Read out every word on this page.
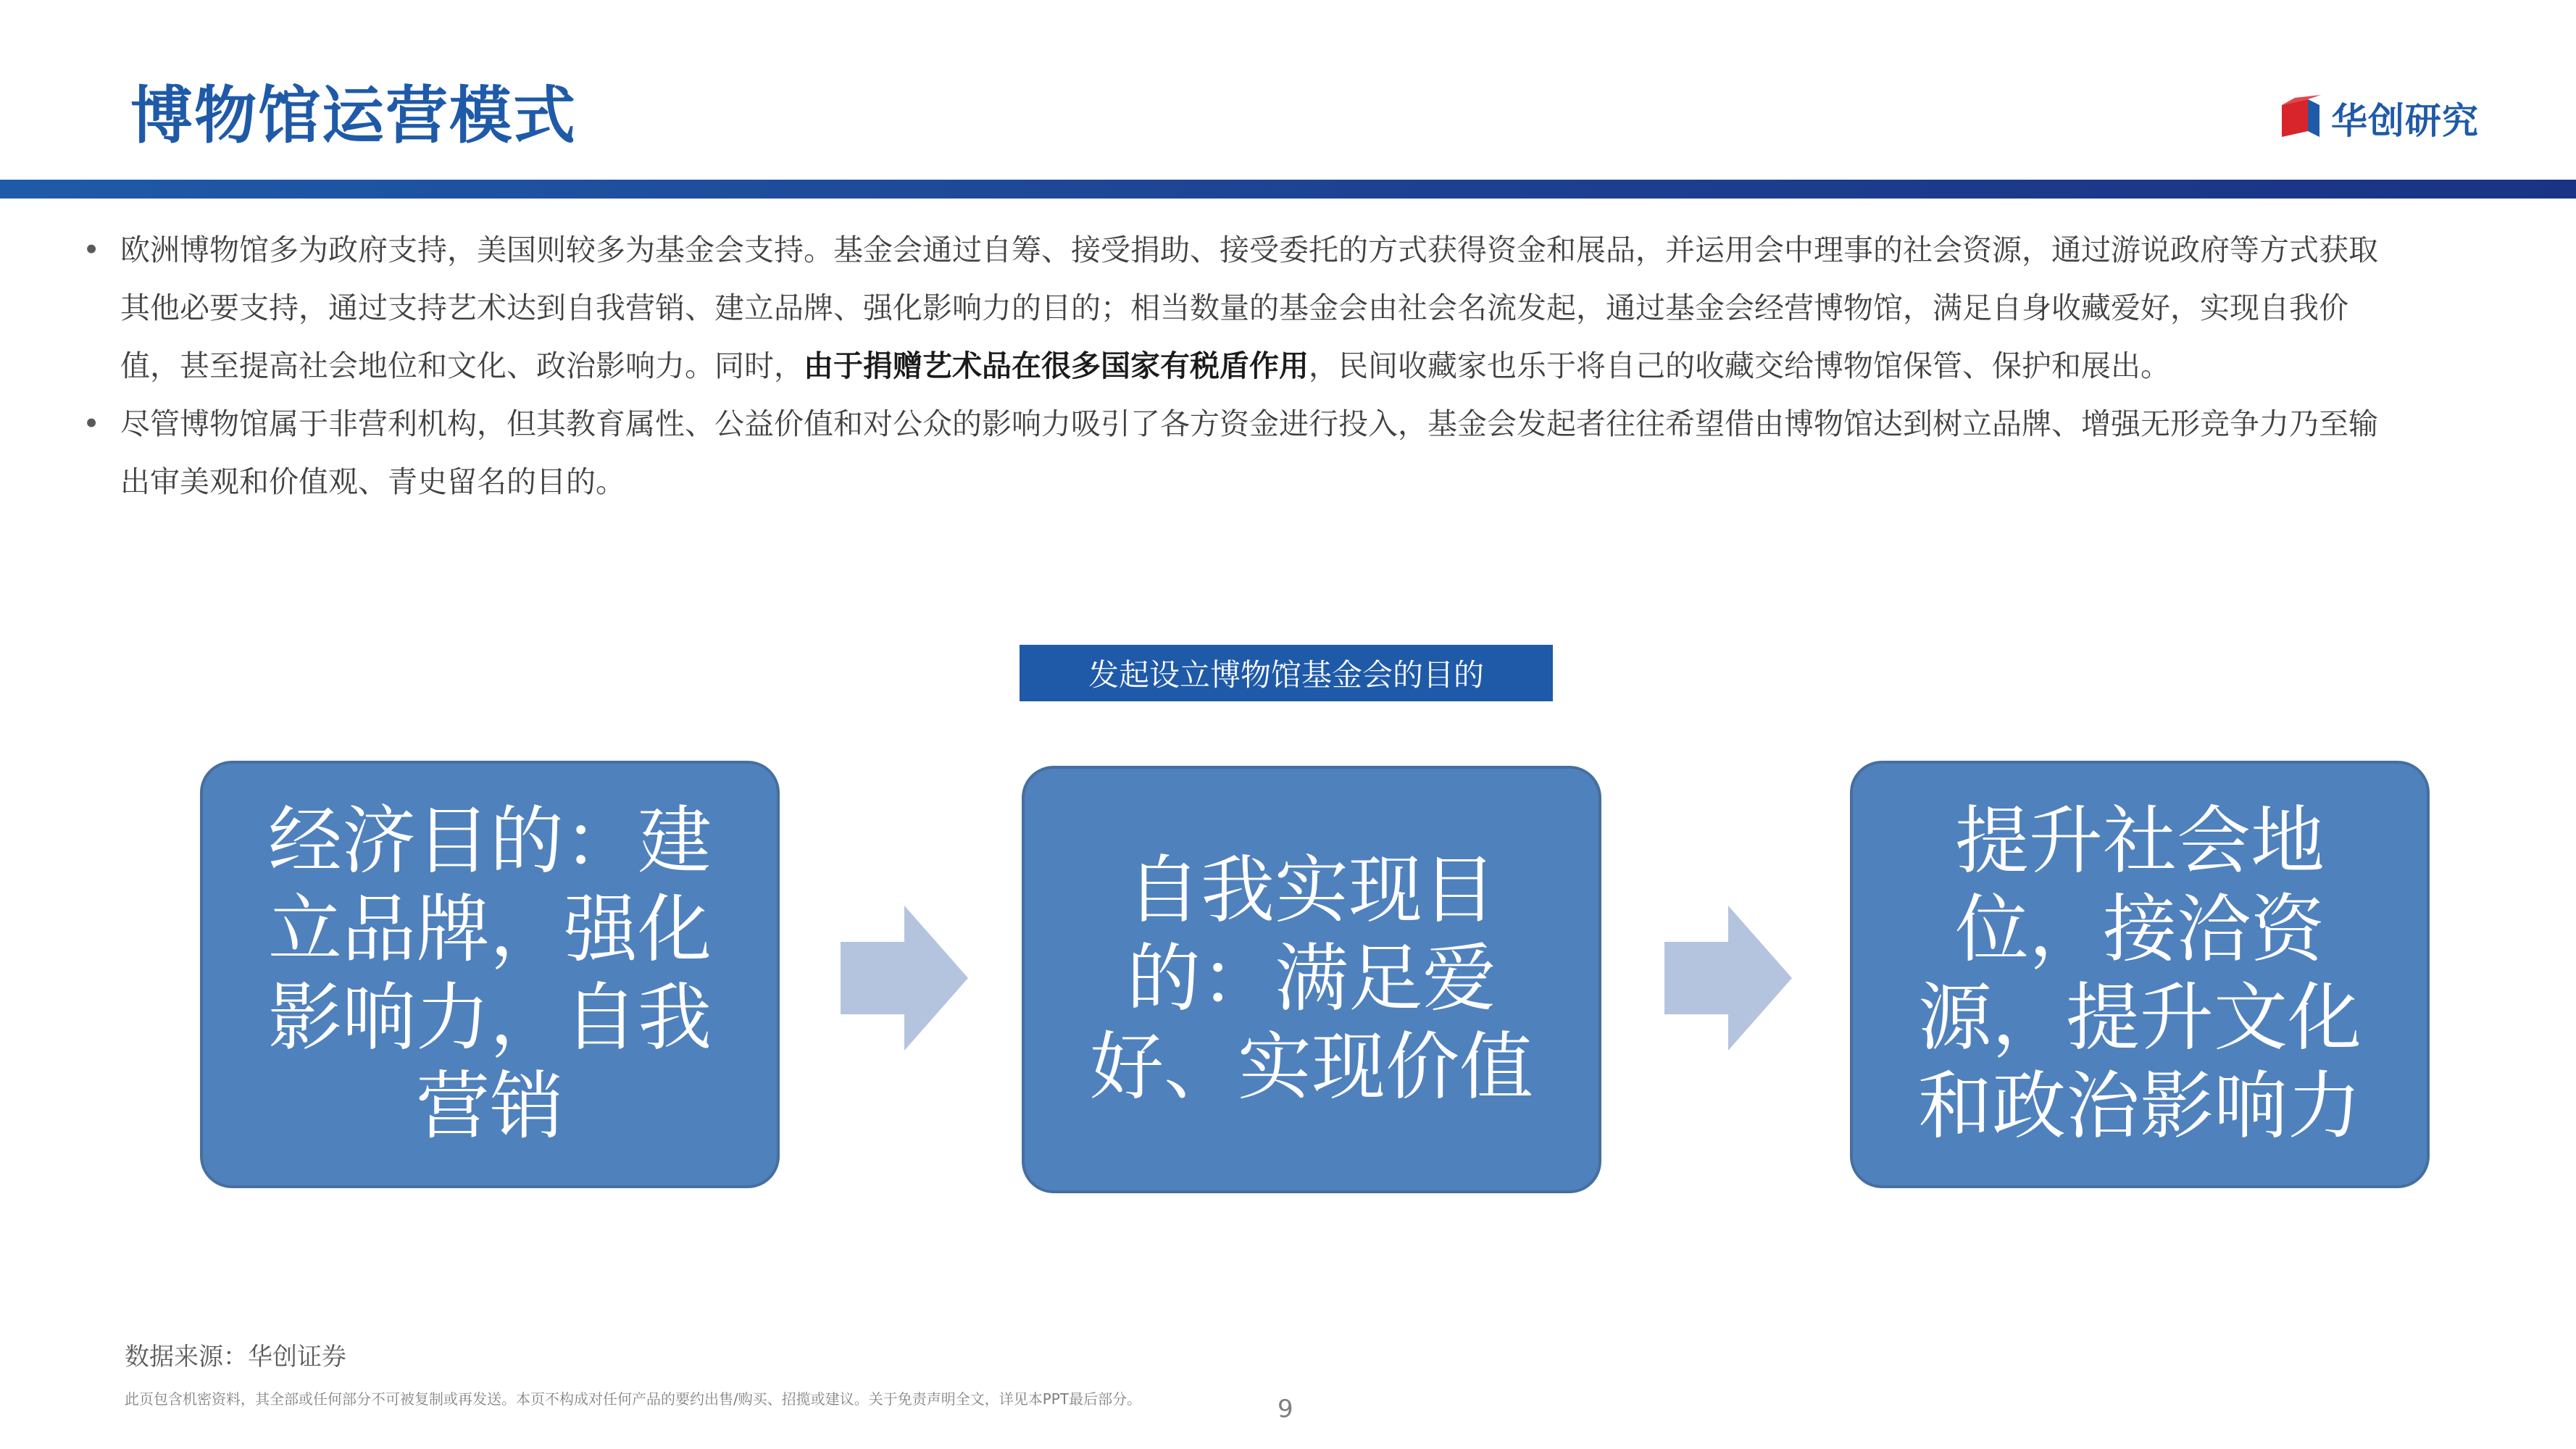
博物馆运营模式	华创研究
• 欧洲博物馆多为政府支持，美国则较多为基金会支持。基金会通过自筹、接受捐助、接受委托的方式获得资金和展品，并运用会中理事的社会资源，通过游说政府等方式获取其他必要支持，通过支持艺术达到自我营销、建立品牌、强化影响力的目的；相当数量的基金会由社会名流发起，通过基金会经营博物馆，满足自身收藏爱好，实现自我价值，甚至提高社会地位和文化、政治影响力。同时，由于捐赠艺术品在很多国家有税盾作用，民间收藏家也乐于将自己的收藏交给博物馆保管、保护和展出。
• 尽管博物馆属于非营利机构，但其教育属性、公益价值和对公众的影响力吸引了各方资金进行投入，基金会发起者往往希望借由博物馆达到树立品牌、增强无形竞争力乃至输出审美观和价值观、青史留名的目的。
发起设立博物馆基金会的目的
经济目的：建立品牌，强化影响力，自我营销
自我实现目的：满足爱好、实现价值
提升社会地位，接洽资源，提升文化和政治影响力
数据来源：华创证券
此页包含机密资料，其全部或任何部分不可被复制或再发送。本页不构成对任何产品的要约出售/购买、招揽或建议。关于免责声明全文，详见本PPT最后部分。	9
